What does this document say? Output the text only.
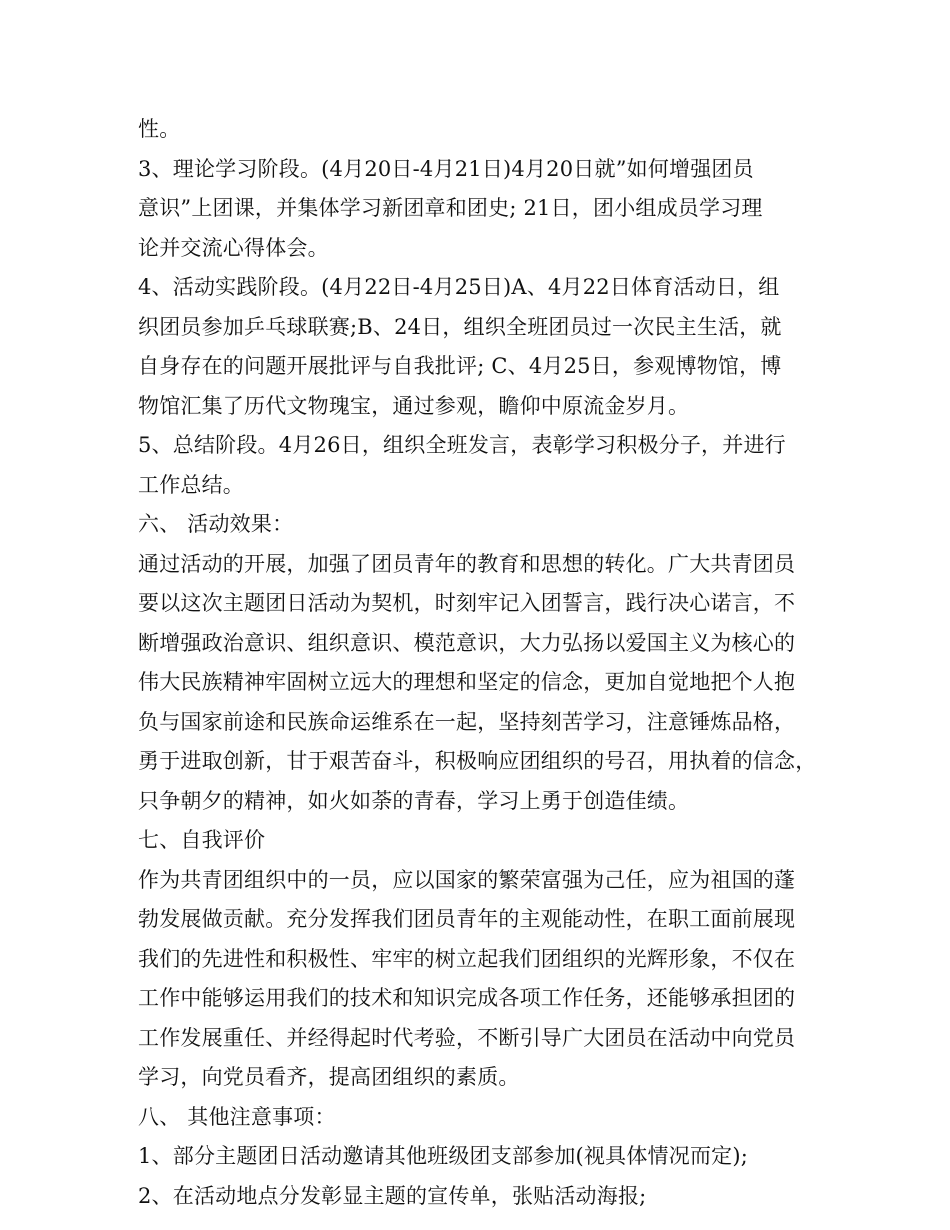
性。
3、理论学习阶段。(4月20日-4月21日)4月20日就”如何增强团员
意识”上团课，并集体学习新团章和团史; 21日，团小组成员学习理
论并交流心得体会。
4、活动实践阶段。(4月22日-4月25日)A、4月22日体育活动日，组
织团员参加乒乓球联赛;B、24日，组织全班团员过一次民主生活，就
自身存在的问题开展批评与自我批评; C、4月25日，参观博物馆，博
物馆汇集了历代文物瑰宝，通过参观，瞻仰中原流金岁月。
5、总结阶段。4月26日，组织全班发言，表彰学习积极分子，并进行
工作总结。
六、 活动效果：
通过活动的开展，加强了团员青年的教育和思想的转化。广大共青团员
要以这次主题团日活动为契机，时刻牢记入团誓言，践行决心诺言，不
断增强政治意识、组织意识、模范意识，大力弘扬以爱国主义为核心的
伟大民族精神牢固树立远大的理想和坚定的信念，更加自觉地把个人抱
负与国家前途和民族命运维系在一起，坚持刻苦学习，注意锤炼品格，
勇于进取创新，甘于艰苦奋斗，积极响应团组织的号召，用执着的信念，
只争朝夕的精神，如火如荼的青春，学习上勇于创造佳绩。
七、自我评价
作为共青团组织中的一员，应以国家的繁荣富强为己任，应为祖国的蓬
勃发展做贡献。充分发挥我们团员青年的主观能动性，在职工面前展现
我们的先进性和积极性、牢牢的树立起我们团组织的光辉形象，不仅在
工作中能够运用我们的技术和知识完成各项工作任务，还能够承担团的
工作发展重任、并经得起时代考验，不断引导广大团员在活动中向党员
学习，向党员看齐，提高团组织的素质。
八、 其他注意事项：
1、部分主题团日活动邀请其他班级团支部参加(视具体情况而定);
2、在活动地点分发彰显主题的宣传单，张贴活动海报;
